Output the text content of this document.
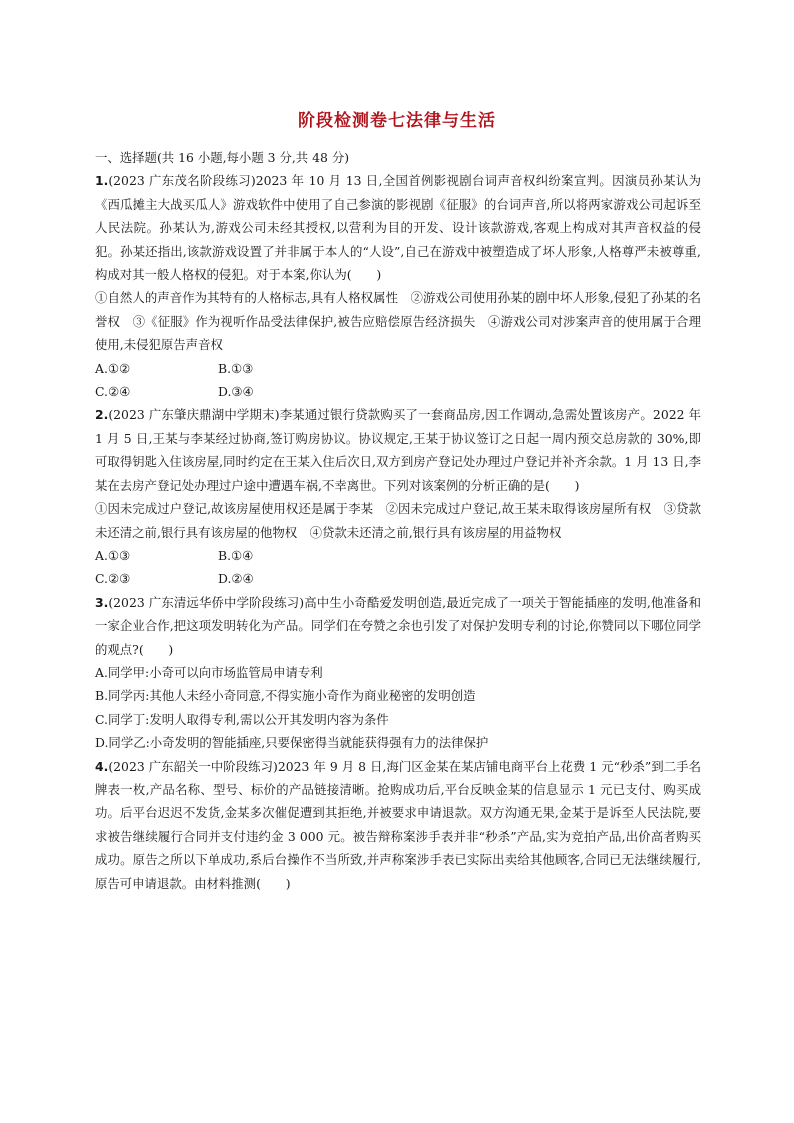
阶段检测卷七法律与生活

一、选择题(共 16 小题,每小题 3 分,共 48 分)

1.(2023 广东茂名阶段练习)2023 年 10 月 13 日,全国首例影视剧台词声音权纠纷案宣判。因演员孙某认为《西瓜摊主大战买瓜人》游戏软件中使用了自己参演的影视剧《征服》的台词声音,所以将两家游戏公司起诉至人民法院。孙某认为,游戏公司未经其授权,以营利为目的开发、设计该款游戏,客观上构成对其声音权益的侵犯。孙某还指出,该款游戏设置了并非属于本人的“人设”,自己在游戏中被塑造成了坏人形象,人格尊严未被尊重,构成对其一般人格权的侵犯。对于本案,你认为(　　)

①自然人的声音作为其特有的人格标志,具有人格权属性　②游戏公司使用孙某的剧中坏人形象,侵犯了孙某的名誉权　③《征服》作为视听作品受法律保护,被告应赔偿原告经济损失　④游戏公司对涉案声音的使用属于合理使用,未侵犯原告声音权

A.①②	B.①③
C.②④	D.③④

2.(2023 广东肇庆鼎湖中学期末)李某通过银行贷款购买了一套商品房,因工作调动,急需处置该房产。2022 年 1 月 5 日,王某与李某经过协商,签订购房协议。协议规定,王某于协议签订之日起一周内预交总房款的 30%,即可取得钥匙入住该房屋,同时约定在王某入住后次日,双方到房产登记处办理过户登记并补齐余款。1 月 13 日,李某在去房产登记处办理过户途中遭遇车祸,不幸离世。下列对该案例的分析正确的是(　　)

①因未完成过户登记,故该房屋使用权还是属于李某　②因未完成过户登记,故王某未取得该房屋所有权　③贷款未还清之前,银行具有该房屋的他物权　④贷款未还清之前,银行具有该房屋的用益物权

A.①③	B.①④
C.②③	D.②④

3.(2023 广东清远华侨中学阶段练习)高中生小奇酷爱发明创造,最近完成了一项关于智能插座的发明,他准备和一家企业合作,把这项发明转化为产品。同学们在夸赞之余也引发了对保护发明专利的讨论,你赞同以下哪位同学的观点?(　　)

A.同学甲:小奇可以向市场监管局申请专利
B.同学丙:其他人未经小奇同意,不得实施小奇作为商业秘密的发明创造
C.同学丁:发明人取得专利,需以公开其发明内容为条件
D.同学乙:小奇发明的智能插座,只要保密得当就能获得强有力的法律保护

4.(2023 广东韶关一中阶段练习)2023 年 9 月 8 日,海门区金某在某店铺电商平台上花费 1 元“秒杀”到二手名牌表一枚,产品名称、型号、标价的产品链接清晰。抢购成功后,平台反映金某的信息显示 1 元已支付、购买成功。后平台迟迟不发货,金某多次催促遭到其拒绝,并被要求申请退款。双方沟通无果,金某于是诉至人民法院,要求被告继续履行合同并支付违约金 3 000 元。被告辩称案涉手表并非“秒杀”产品,实为竞拍产品,出价高者购买成功。原告之所以下单成功,系后台操作不当所致,并声称案涉手表已实际出卖给其他顾客,合同已无法继续履行,原告可申请退款。由材料推测(　　)
